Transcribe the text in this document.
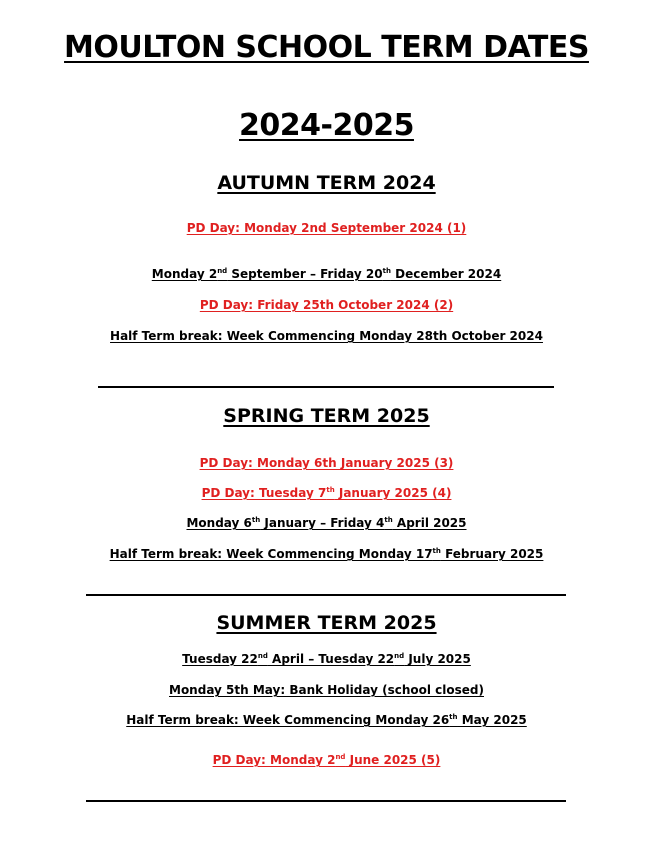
MOULTON SCHOOL TERM DATES
2024-2025
AUTUMN TERM 2024
PD Day: Monday 2nd September 2024 (1)
Monday 2nd September – Friday 20th December 2024
PD Day: Friday 25th October 2024 (2)
Half Term break: Week Commencing Monday 28th October 2024
SPRING TERM 2025
PD Day: Monday 6th January 2025 (3)
PD Day: Tuesday 7th January 2025 (4)
Monday 6th January – Friday 4th April 2025
Half Term break: Week Commencing Monday 17th February 2025
SUMMER TERM 2025
Tuesday 22nd April – Tuesday 22nd July 2025
Monday 5th May: Bank Holiday (school closed)
Half Term break: Week Commencing Monday 26th May 2025
PD Day: Monday 2nd June 2025 (5)
